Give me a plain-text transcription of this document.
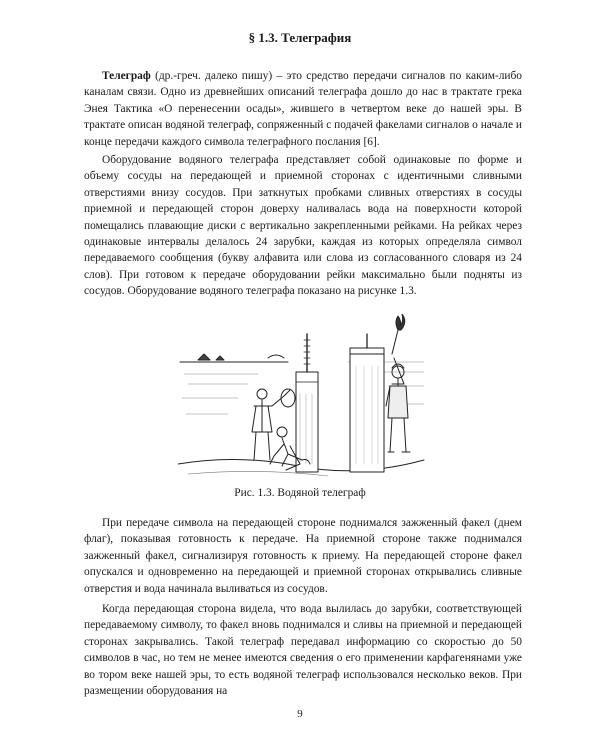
§ 1.3. Телеграфия

Телеграф (др.-греч. далеко пишу) – это средство передачи сигналов по каким-либо каналам связи. Одно из древнейших описаний телеграфа дошло до нас в трактате грека Энея Тактика «О перенесении осады», жившего в четвертом веке до нашей эры. В трактате описан водяной телеграф, сопряженный с подачей факелами сигналов о начале и конце передачи каждого символа телеграфного послания [6].

Оборудование водяного телеграфа представляет собой одинаковые по форме и объему сосуды на передающей и приемной сторонах с идентичными сливными отверстиями внизу сосудов. При заткнутых пробками сливных отверстиях в сосуды приемной и передающей сторон доверху наливалась вода на поверхности которой помещались плавающие диски с вертикально закрепленными рейками. На рейках через одинаковые интервалы делалось 24 зарубки, каждая из которых определяла символ передаваемого сообщения (букву алфавита или слова из согласованного словаря из 24 слов). При готовом к передаче оборудовании рейки максимально были подняты из сосудов. Оборудование водяного телеграфа показано на рисунке 1.3.

Рис. 1.3. Водяной телеграф

При передаче символа на передающей стороне поднимался зажженный факел (днем флаг), показывая готовность к передаче. На приемной стороне также поднимался зажженный факел, сигнализируя готовность к приему. На передающей стороне факел опускался и одновременно на передающей и приемной сторонах открывались сливные отверстия и вода начинала выливаться из сосудов.

Когда передающая сторона видела, что вода вылилась до зарубки, соответствующей передаваемому символу, то факел вновь поднимался и сливы на приемной и передающей сторонах закрывались. Такой телеграф передавал информацию со скоростью до 50 символов в час, но тем не менее имеются сведения о его применении карфагенянами уже во тором веке нашей эры, то есть водяной телеграф использовался несколько веков. При размещении оборудования на

9
